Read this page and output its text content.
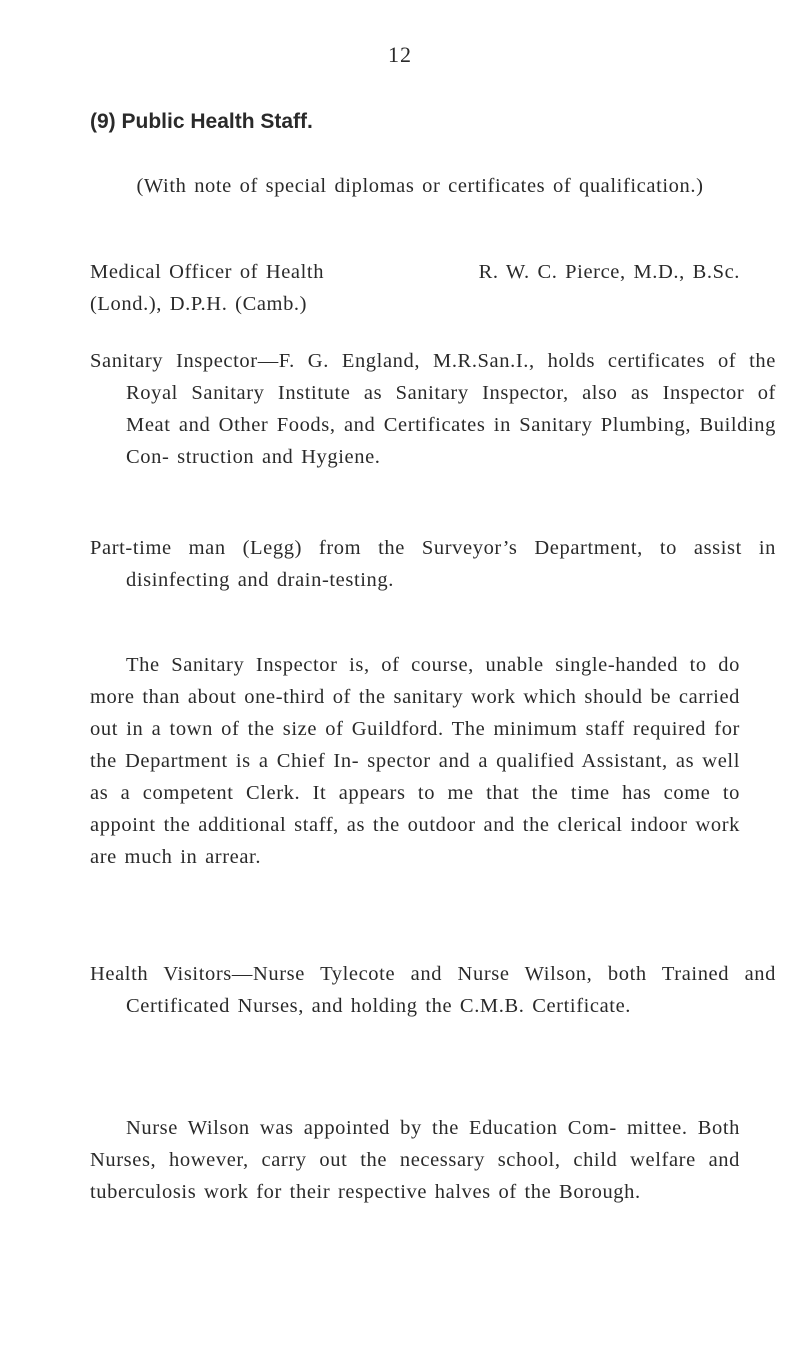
12
(9) Public Health Staff.
(With note of special diplomas or certificates of qualification.)
Medical Officer of Health	R. W. C. Pierce, M.D., B.Sc.
(Lond.), D.P.H. (Camb.)
Sanitary Inspector—F. G. England, M.R.San.I., holds certificates of the Royal Sanitary Institute as Sanitary Inspector, also as Inspector of Meat and Other Foods, and Certificates in Sanitary Plumbing, Building Con- struction and Hygiene.
Part-time man (Legg) from the Surveyor’s Department, to assist in disinfecting and drain-testing.
The Sanitary Inspector is, of course, unable single-handed to do more than about one-third of the sanitary work which should be carried out in a town of the size of Guildford. The minimum staff required for the Department is a Chief In- spector and a qualified Assistant, as well as a competent Clerk. It appears to me that the time has come to appoint the additional staff, as the outdoor and the clerical indoor work are much in arrear.
Health Visitors—Nurse Tylecote and Nurse Wilson, both Trained and Certificated Nurses, and holding the C.M.B. Certificate.
Nurse Wilson was appointed by the Education Com- mittee. Both Nurses, however, carry out the necessary school, child welfare and tuberculosis work for their respective halves of the Borough.
